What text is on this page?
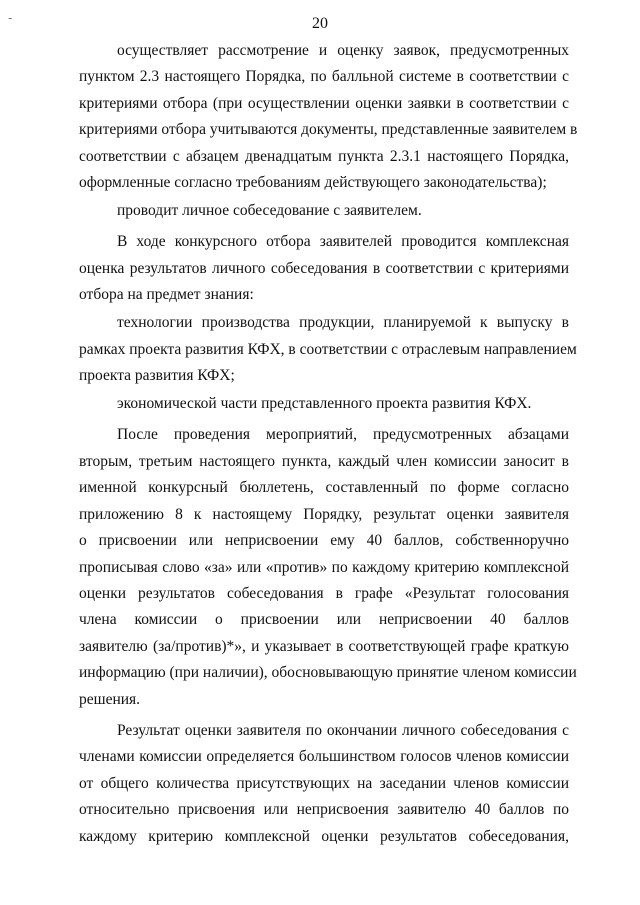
-	20

осуществляет рассмотрение и оценку заявок, предусмотренных
пунктом 2.3 настоящего Порядка, по балльной системе в соответствии с
критериями отбора (при осуществлении оценки заявки в соответствии с
критериями отбора учитываются документы, представленные заявителем в
соответствии с абзацем двенадцатым пункта 2.3.1 настоящего Порядка,
оформленные согласно требованиям действующего законодательства);

проводит личное собеседование с заявителем.

В ходе конкурсного отбора заявителей проводится комплексная
оценка результатов личного собеседования в соответствии с критериями
отбора на предмет знания:

технологии производства продукции, планируемой к выпуску в
рамках проекта развития КФХ, в соответствии с отраслевым направлением
проекта развития КФХ;

экономической части представленного проекта развития КФХ.

После проведения мероприятий, предусмотренных абзацами
вторым, третьим настоящего пункта, каждый член комиссии заносит в
именной конкурсный бюллетень, составленный по форме согласно
приложению 8 к настоящему Порядку, результат оценки заявителя
о присвоении или неприсвоении ему 40 баллов, собственноручно
прописывая слово «за» или «против» по каждому критерию комплексной
оценки результатов собеседования в графе «Результат голосования
члена комиссии о присвоении или неприсвоении 40 баллов
заявителю (за/против)*», и указывает в соответствующей графе краткую
информацию (при наличии), обосновывающую принятие членом комиссии
решения.

Результат оценки заявителя по окончании личного собеседования с
членами комиссии определяется большинством голосов членов комиссии
от общего количества присутствующих на заседании членов комиссии
относительно присвоения или неприсвоения заявителю 40 баллов по
каждому критерию комплексной оценки результатов собеседования,
